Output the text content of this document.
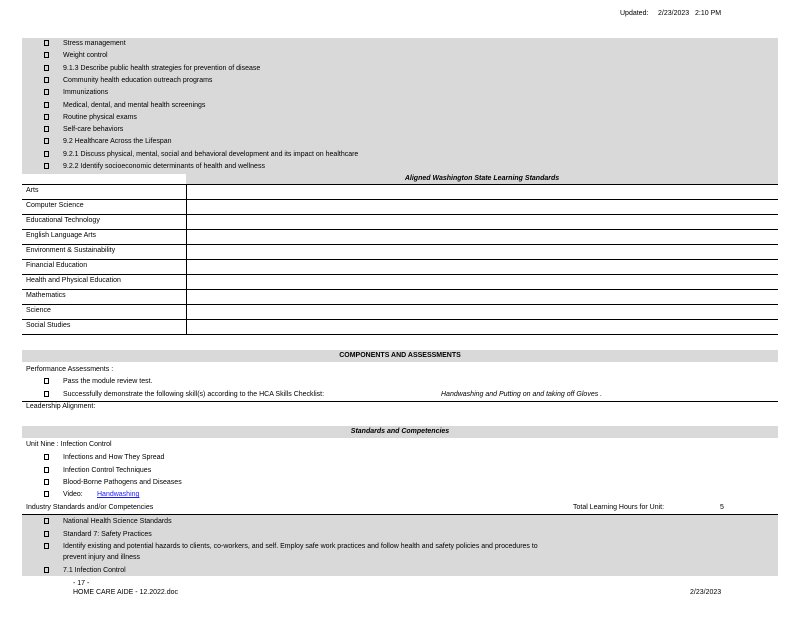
Updated: 2/23/2023 2:10 PM
Stress management
Weight control
9.1.3 Describe public health strategies for prevention of disease
Community health education outreach programs
Immunizations
Medical, dental, and mental health screenings
Routine physical exams
Self-care behaviors
9.2 Healthcare Across the Lifespan
9.2.1 Discuss physical, mental, social and behavioral development and its impact on healthcare
9.2.2 Identify socioeconomic determinants of health and wellness
Aligned Washington State Learning Standards
Arts
Computer Science
Educational Technology
English Language Arts
Environment & Sustainability
Financial Education
Health and Physical Education
Mathematics
Science
Social Studies
COMPONENTS AND ASSESSMENTS
Performance Assessments :
Pass the module review test.
Successfully demonstrate the following skill(s) according to the HCA Skills Checklist:	Handwashing and Putting on and taking off Gloves .
Leadership Alignment:
Standards and Competencies
Unit Nine : Infection Control
Infections and How They Spread
Infection Control Techniques
Blood-Borne Pathogens and Diseases
Video: Handwashing
Industry Standards and/or Competencies	Total Learning Hours for Unit:	5
National Health Science Standards
Standard 7: Safety Practices
Identify existing and potential hazards to clients, co-workers, and self. Employ safe work practices and follow health and safety policies and procedures to
prevent injury and illness
7.1 Infection Control
- 17 -
HOME CARE AIDE - 12.2022.doc	2/23/2023
